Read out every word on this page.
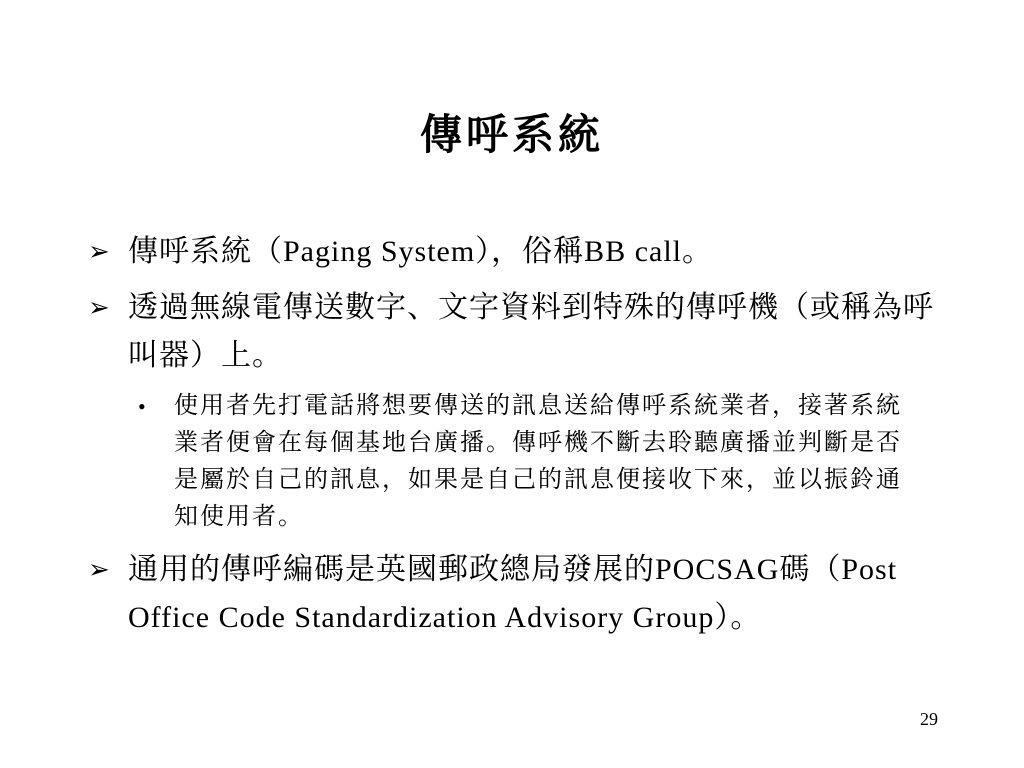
傳呼系統
➢ 傳呼系統（Paging System），俗稱BB call。
➢ 透過無線電傳送數字、文字資料到特殊的傳呼機（或稱為呼叫器）上。
•	使用者先打電話將想要傳送的訊息送給傳呼系統業者，接著系統業者便會在每個基地台廣播。傳呼機不斷去聆聽廣播並判斷是否是屬於自己的訊息，如果是自己的訊息便接收下來，並以振鈴通知使用者。
➢ 通用的傳呼編碼是英國郵政總局發展的POCSAG碼（Post Office Code Standardization Advisory Group）。
29
